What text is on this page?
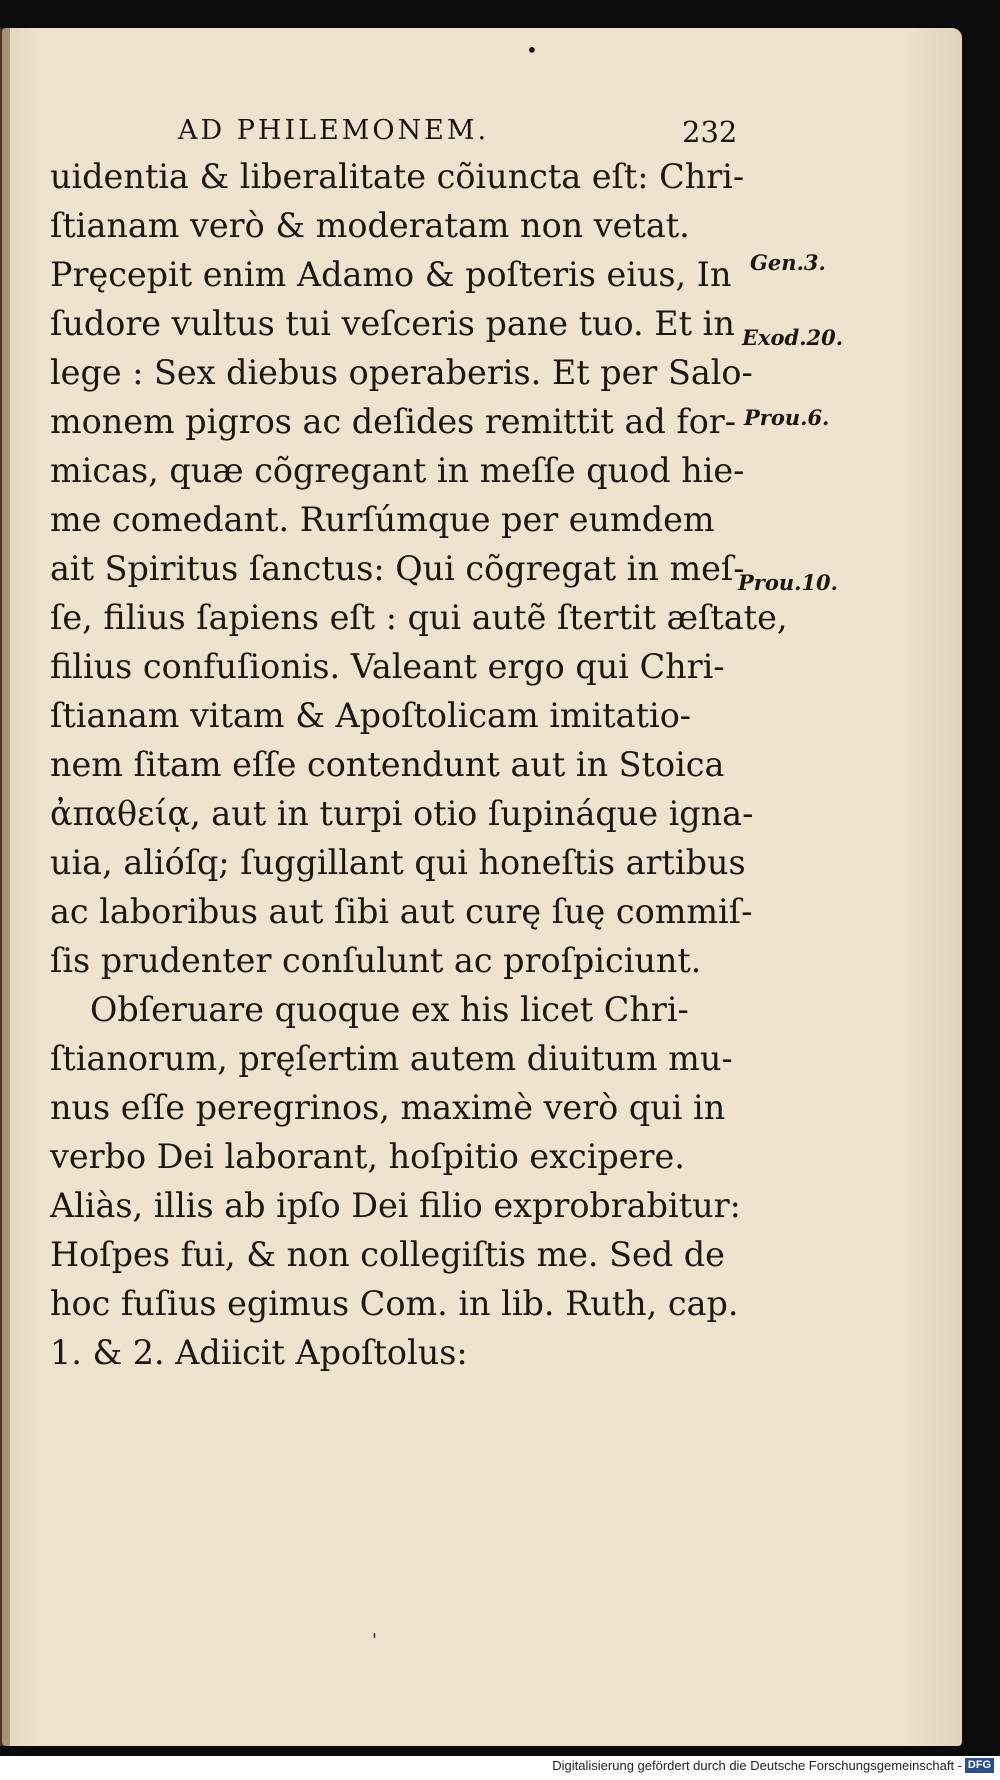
•
AD PHILEMONEM.	232
uidentia & liberalitate cõiuncta eſt: Chri-
ſtianam verò & moderatam non vetat.
Pręcepit enim Adamo & poſteris eius, In
ſudore vultus tui veſceris pane tuo. Et in
lege : Sex diebus operaberis. Et per Salo-
monem pigros ac deſides remittit ad for-
micas, quæ cõgregant in meſſe quod hie-
me comedant. Rurſúmque per eumdem
ait Spiritus ſanctus: Qui cõgregat in meſ-
ſe, filius ſapiens eſt : qui autẽ ſtertit æſtate,
filius confuſionis. Valeant ergo qui Chri-
ſtianam vitam & Apoſtolicam imitatio-
nem ſitam eſſe contendunt aut in Stoica
ἀπαθείᾳ, aut in turpi otio ſupináque igna-
uia, alióſq; ſuggillant qui honeſtis artibus
ac laboribus aut ſibi aut curę ſuę commiſ-
ſis prudenter conſulunt ac proſpiciunt.
Obſeruare quoque ex his licet Chri-
ſtianorum, pręſertim autem diuitum mu-
nus eſſe peregrinos, maximè verò qui in
verbo Dei laborant, hoſpitio excipere.
Aliàs, illis ab ipſo Dei filio exprobrabitur:
Hoſpes fui, & non collegiſtis me. Sed de
hoc fuſius egimus Com. in lib. Ruth, cap.
1. & 2. Adiicit Apoſtolus:
Gen.3.
Exod.20.
Prou.6.
Prou.10.
'
Digitalisierung gefördert durch die Deutsche Forschungsgemeinschaft - DFG
